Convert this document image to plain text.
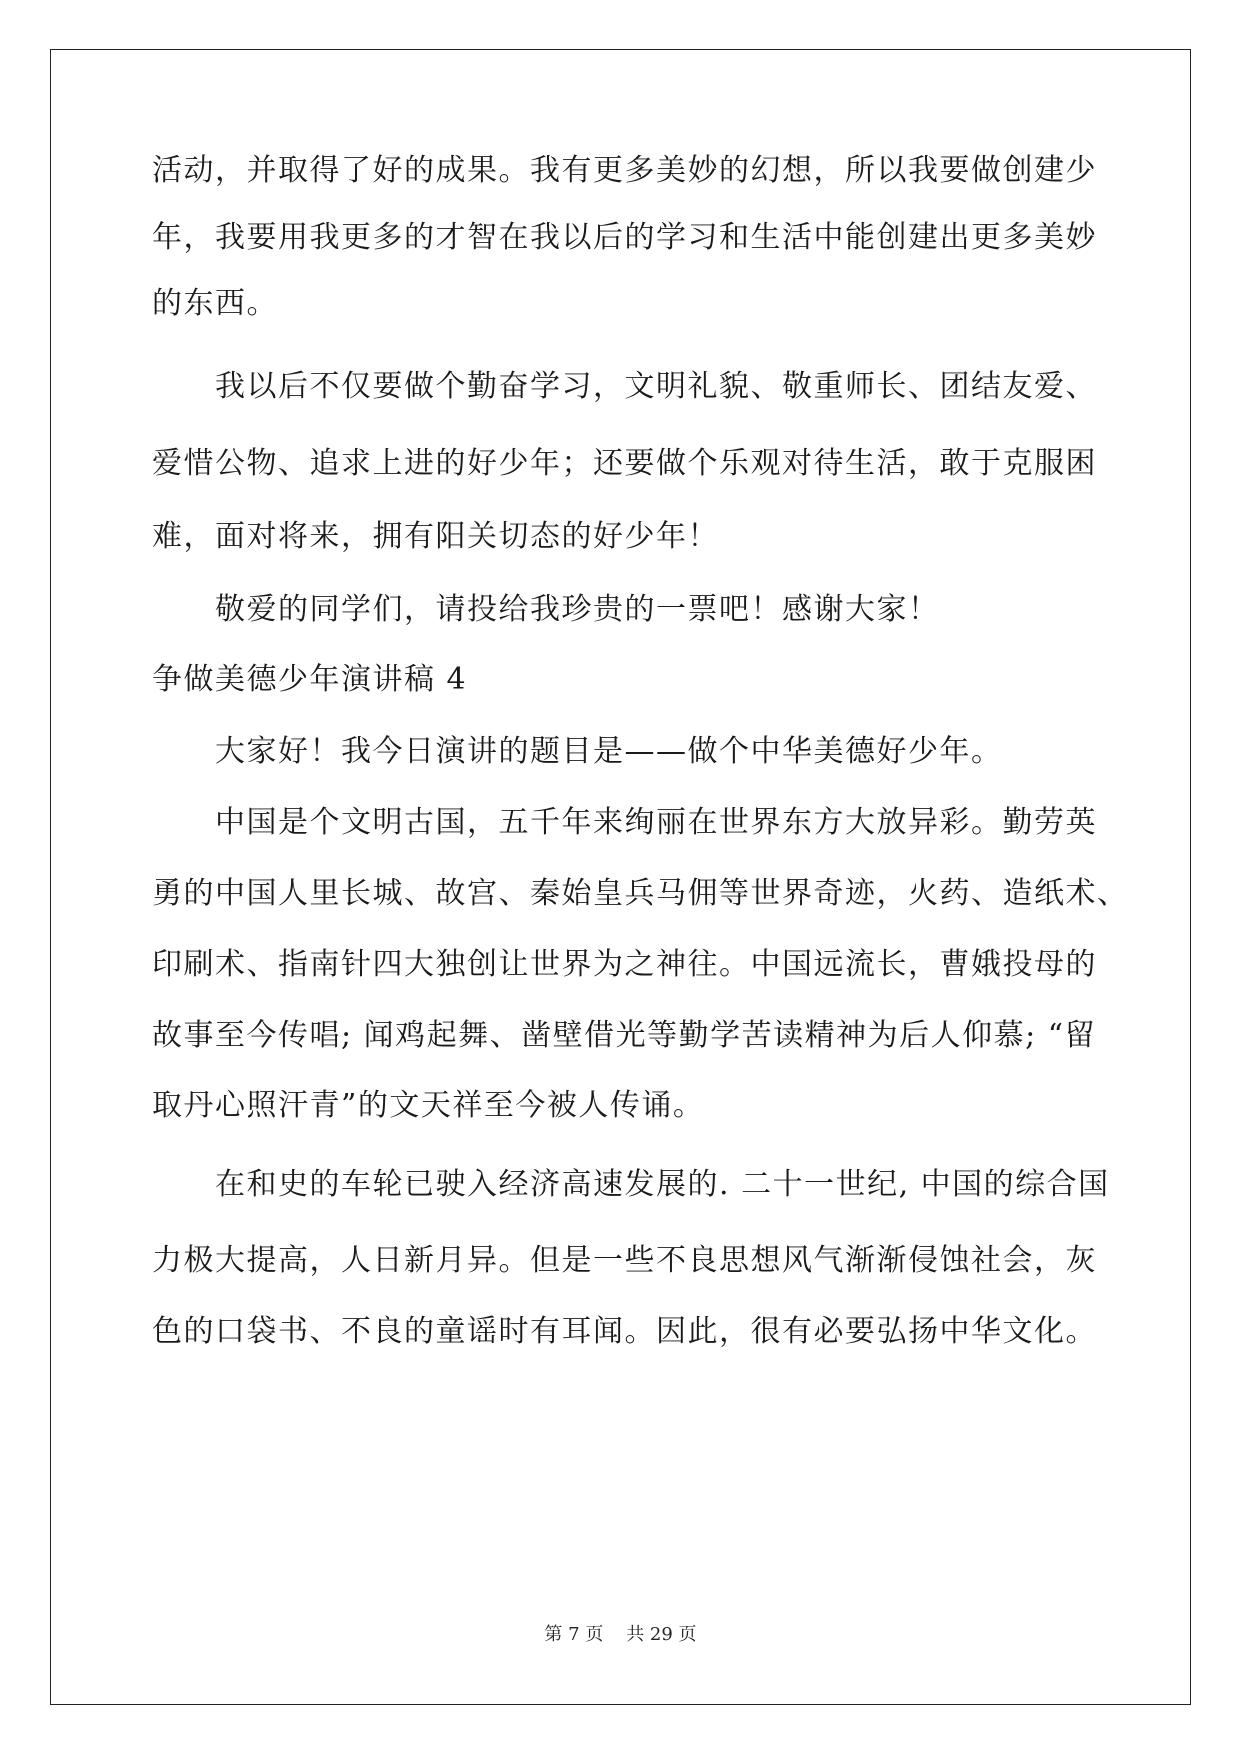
活动，并取得了好的成果。我有更多美妙的幻想，所以我要做创建少
年，我要用我更多的才智在我以后的学习和生活中能创建出更多美妙
的东西。
我以后不仅要做个勤奋学习，文明礼貌、敬重师长、团结友爱、
爱惜公物、追求上进的好少年；还要做个乐观对待生活，敢于克服困
难，面对将来，拥有阳关切态的好少年！
敬爱的同学们，请投给我珍贵的一票吧！感谢大家！
争做美德少年演讲稿 4
大家好！我今日演讲的题目是——做个中华美德好少年。
中国是个文明古国，五千年来绚丽在世界东方大放异彩。勤劳英
勇的中国人里长城、故宫、秦始皇兵马佣等世界奇迹，火药、造纸术、
印刷术、指南针四大独创让世界为之神往。中国远流长，曹娥投母的
故事至今传唱; 闻鸡起舞、凿壁借光等勤学苦读精神为后人仰慕; “留
取丹心照汗青”的文天祥至今被人传诵。
在和史的车轮已驶入经济高速发展的. 二十一世纪, 中国的综合国
力极大提高，人日新月异。但是一些不良思想风气渐渐侵蚀社会，灰
色的口袋书、不良的童谣时有耳闻。因此，很有必要弘扬中华文化。
第 7 页    共 29 页
